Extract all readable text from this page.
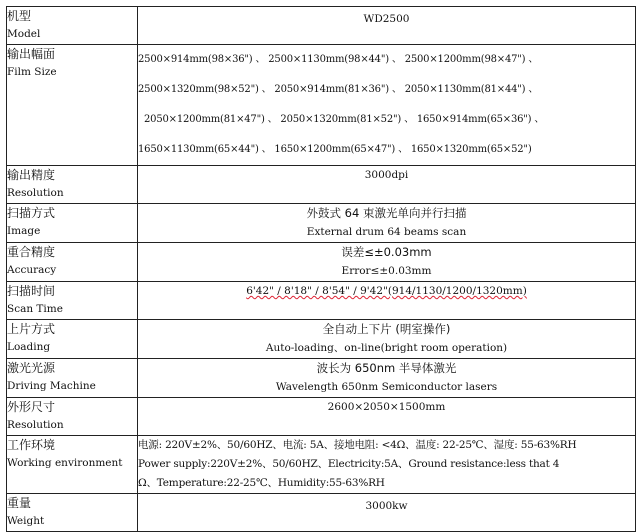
机型
Model	WD2500

输出幅面
Film Size	2500×914mm(98×36") 、 2500×1130mm(98×44") 、 2500×1200mm(98×47") 、
2500×1320mm(98×52") 、 2050×914mm(81×36") 、 2050×1130mm(81×44") 、
2050×1200mm(81×47") 、 2050×1320mm(81×52") 、 1650×914mm(65×36") 、
1650×1130mm(65×44") 、 1650×1200mm(65×47") 、 1650×1320mm(65×52")

输出精度
Resolution	3000dpi

扫描方式
Image	外鼓式 64 束激光单向并行扫描
External drum 64 beams scan

重合精度
Accuracy	误差≤±0.03mm
Error≤±0.03mm

扫描时间
Scan Time	6'42" / 8'18" / 8'54" / 9'42"(914/1130/1200/1320mm)

上片方式
Loading	全自动上下片 (明室操作)
Auto-loading、on-line(bright room operation)

激光光源
Driving Machine	波长为 650nm 半导体激光
Wavelength 650nm Semiconductor lasers

外形尺寸
Resolution	2600×2050×1500mm

工作环境
Working environment	电源: 220V±2%、50/60HZ、电流: 5A、接地电阻: <4Ω、温度: 22-25℃、湿度: 55-63%RH
Power supply:220V±2%、50/60HZ、Electricity:5A、Ground resistance:less that 4
Ω、Temperature:22-25℃、Humidity:55-63%RH

重量
Weight	3000kw
